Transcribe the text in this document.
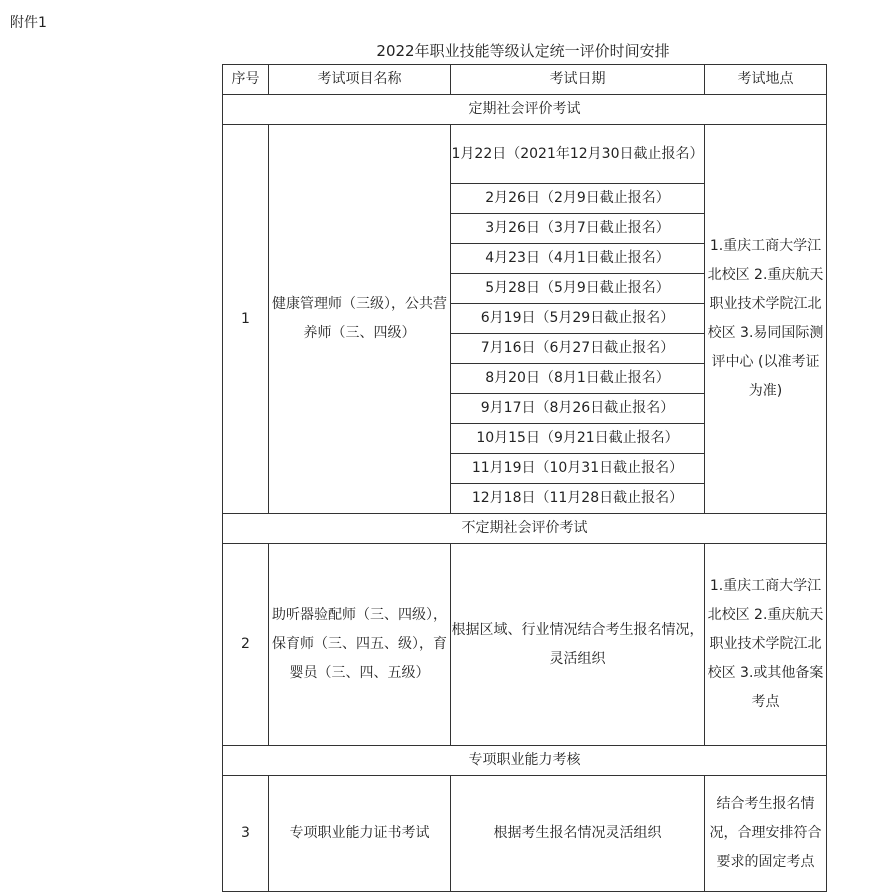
附件1
2022年职业技能等级认定统一评价时间安排
序号	考试项目名称	考试日期	考试地点
定期社会评价考试			
1	健康管理师（三级），公共营养师（三、四级）	1月22日（2021年12月30日截止报名）	1.重庆工商大学江北校区 2.重庆航天职业技术学院江北校区 3.易同国际测评中心 (以准考证为准)
		2月26日（2月9日截止报名）	
		3月26日（3月7日截止报名）	
		4月23日（4月1日截止报名）	
		5月28日（5月9日截止报名）	
		6月19日（5月29日截止报名）	
		7月16日（6月27日截止报名）	
		8月20日（8月1日截止报名）	
		9月17日（8月26日截止报名）	
		10月15日（9月21日截止报名）	
		11月19日（10月31日截止报名）	
		12月18日（11月28日截止报名）	
不定期社会评价考试			
2	助听器验配师（三、四级），保育师（三、四五、级），育婴员（三、四、五级）	根据区域、行业情况结合考生报名情况，灵活组织	1.重庆工商大学江北校区 2.重庆航天职业技术学院江北校区 3.或其他备案考点
专项职业能力考核			
3	专项职业能力证书考试	根据考生报名情况灵活组织	结合考生报名情况，合理安排符合要求的固定考点
